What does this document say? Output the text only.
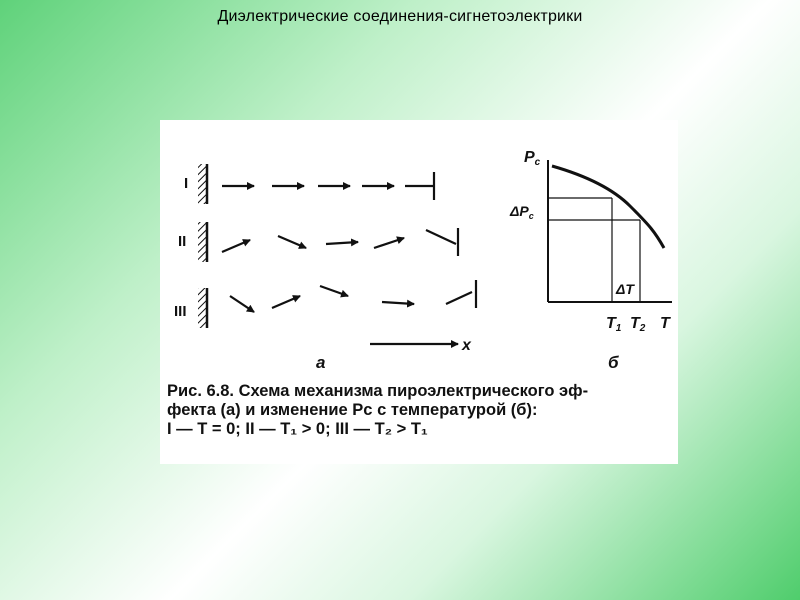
Диэлектрические соединения-сигнетоэлектрики
I
II
III
x
а
Pc
$\Delta P_c$
ΔT
T1 T2 T
б
Рис. 6.8. Схема механизма пироэлектрического эф-
фекта (а) и изменение Pc с температурой (б):
I — T = 0; II — T₁ > 0; III — T₂ > T₁
